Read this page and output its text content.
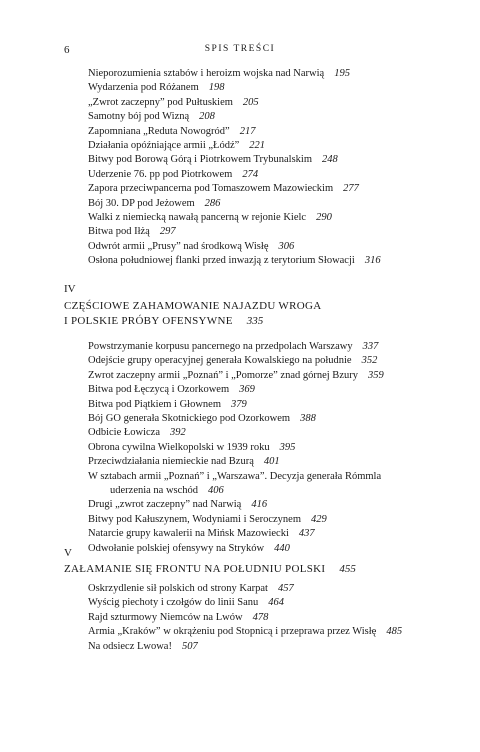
6	SPIS TREŚCI
Nieporozumienia sztabów i heroizm wojska nad Narwią 195
Wydarzenia pod Różanem 198
„Zwrot zaczepny” pod Pułtuskiem 205
Samotny bój pod Wizną 208
Zapomniana „Reduta Nowogród” 217
Działania opóźniające armii „Łódź” 221
Bitwy pod Borową Górą i Piotrkowem Trybunalskim 248
Uderzenie 76. pp pod Piotrkowem 274
Zapora przeciwpancerna pod Tomaszowem Mazowieckim 277
Bój 30. DP pod Jeżowem 286
Walki z niemiecką nawałą pancerną w rejonie Kielc 290
Bitwa pod Iłżą 297
Odwrót armii „Prusy” nad środkową Wisłę 306
Osłona południowej flanki przed inwazją z terytorium Słowacji 316
IV
CZĘŚCIOWE ZAHAMOWANIE NAJAZDU WROGA
I POLSKIE PRÓBY OFENSYWNE 335
Powstrzymanie korpusu pancernego na przedpolach Warszawy 337
Odejście grupy operacyjnej generała Kowalskiego na południe 352
Zwrot zaczepny armii „Poznań” i „Pomorze” znad górnej Bzury 359
Bitwa pod Łęczycą i Ozorkowem 369
Bitwa pod Piątkiem i Głownem 379
Bój GO generała Skotnickiego pod Ozorkowem 388
Odbicie Łowicza 392
Obrona cywilna Wielkopolski w 1939 roku 395
Przeciwdziałania niemieckie nad Bzurą 401
W sztabach armii „Poznań” i „Warszawa”. Decyzja generała Rómmla
uderzenia na wschód 406
Drugi „zwrot zaczepny” nad Narwią 416
Bitwy pod Kałuszynem, Wodyniami i Seroczynem 429
Natarcie grupy kawalerii na Mińsk Mazowiecki 437
Odwołanie polskiej ofensywy na Stryków 440
V
ZAŁAMANIE SIĘ FRONTU NA POŁUDNIU POLSKI 455
Oskrzydlenie sił polskich od strony Karpat 457
Wyścig piechoty i czołgów do linii Sanu 464
Rajd szturmowy Niemców na Lwów 478
Armia „Kraków” w okrążeniu pod Stopnicą i przeprawa przez Wisłę 485
Na odsiecz Lwowa! 507
